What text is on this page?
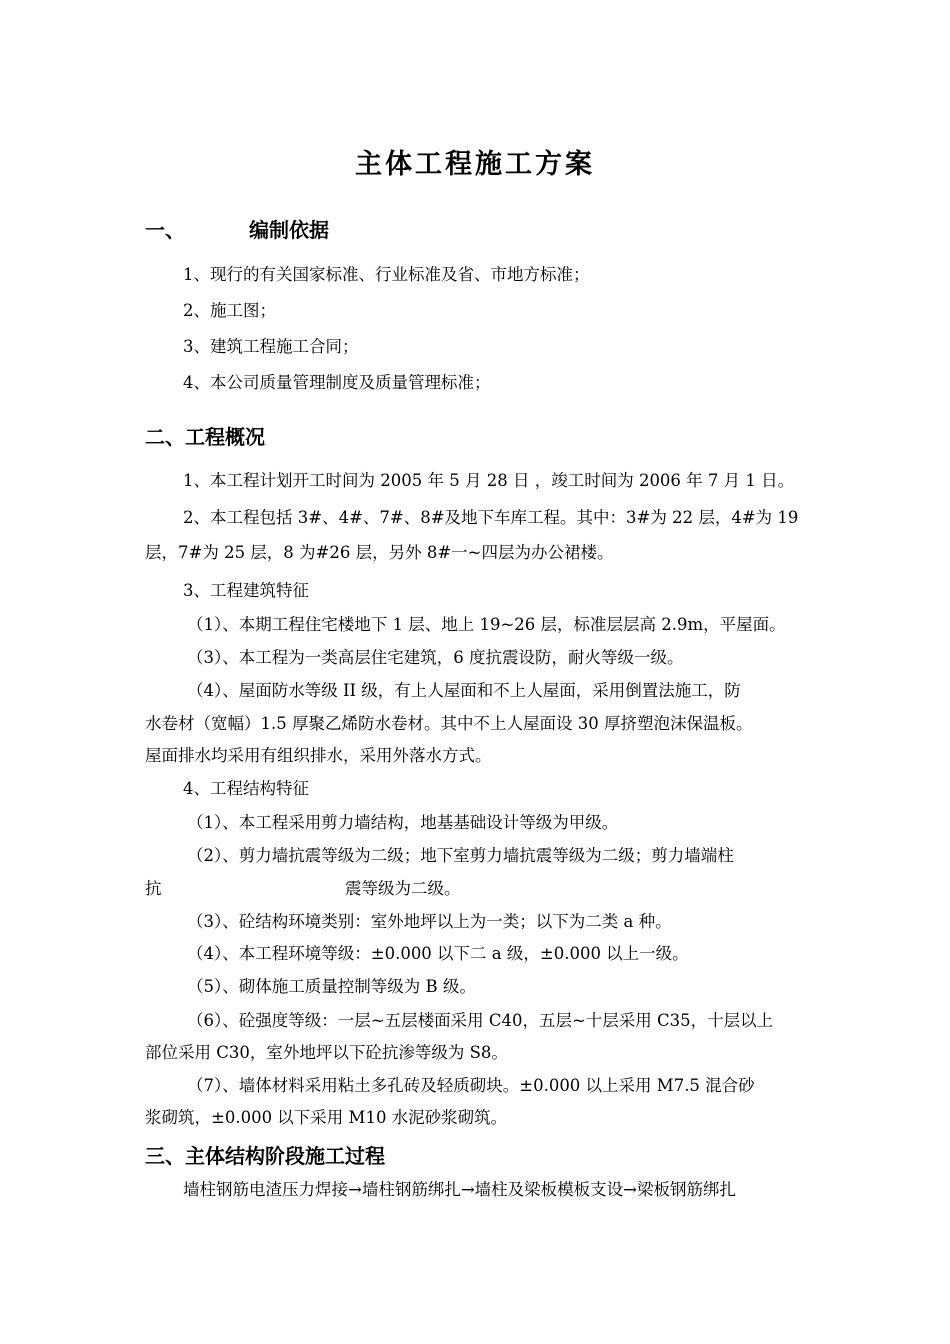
主体工程施工方案
一、	编制依据
1、现行的有关国家标准、行业标准及省、市地方标准；
2、施工图；
3、建筑工程施工合同；
4、本公司质量管理制度及质量管理标准；
二、工程概况
1、本工程计划开工时间为 2005 年 5 月 28 日 ，竣工时间为 2006 年 7 月 1 日。
2、本工程包括 3#、4#、7#、8#及地下车库工程。其中：3#为 22 层，4#为 19
层，7#为 25 层，8 为#26 层，另外 8#一~四层为办公裙楼。
3、工程建筑特征
（1）、本期工程住宅楼地下 1 层、地上 19~26 层，标准层层高 2.9m，平屋面。
（3）、本工程为一类高层住宅建筑，6 度抗震设防，耐火等级一级。
（4）、屋面防水等级 II 级，有上人屋面和不上人屋面，采用倒置法施工，防
水卷材（宽幅）1.5 厚聚乙烯防水卷材。其中不上人屋面设 30 厚挤塑泡沫保温板。
屋面排水均采用有组织排水，采用外落水方式。
4、工程结构特征
（1）、本工程采用剪力墙结构，地基基础设计等级为甲级。
（2）、剪力墙抗震等级为二级；地下室剪力墙抗震等级为二级；剪力墙端柱
抗	震等级为二级。
（3）、砼结构环境类别：室外地坪以上为一类；以下为二类 a 种。
（4）、本工程环境等级：±0.000 以下二 a 级，±0.000 以上一级。
（5）、砌体施工质量控制等级为 B 级。
（6）、砼强度等级：一层~五层楼面采用 C40，五层~十层采用 C35，十层以上
部位采用 C30，室外地坪以下砼抗渗等级为 S8。
（7）、墙体材料采用粘土多孔砖及轻质砌块。±0.000 以上采用 M7.5 混合砂
浆砌筑，±0.000 以下采用 M10 水泥砂浆砌筑。
三、主体结构阶段施工过程
墙柱钢筋电渣压力焊接→墙柱钢筋绑扎→墙柱及梁板模板支设→梁板钢筋绑扎
